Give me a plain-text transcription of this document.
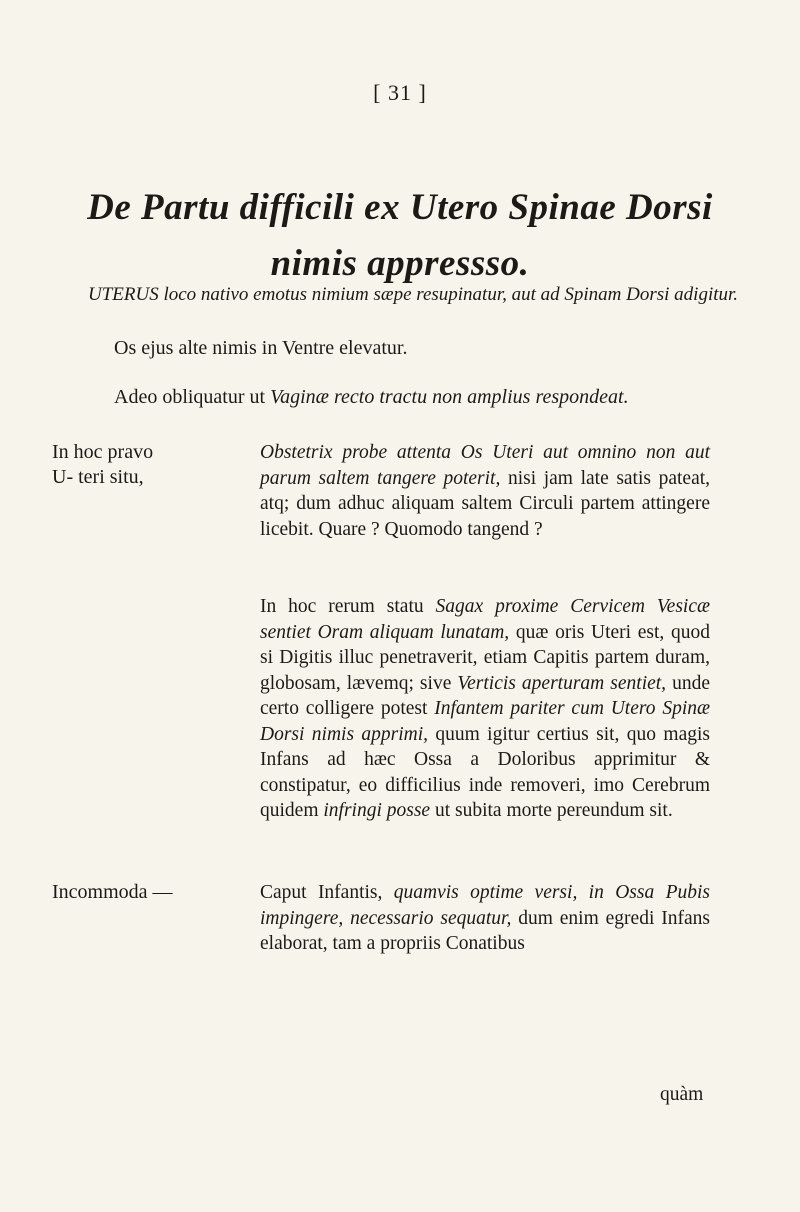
[ 31 ]
De Partu difficili ex Utero Spinae Dorsi
nimis appressso.
UTERUS loco nativo emotus nimium sæpe resupinatur, aut ad Spinam Dorsi adigitur.
Os ejus alte nimis in Ventre elevatur.
Adeo obliquatur ut Vaginæ recto tractu non amplius respondeat.
In hoc pravo U- teri situ,
Obstetrix probe attenta Os Uteri aut omnino non aut parum saltem tangere poterit, nisi jam late satis pateat, atq; dum adhuc aliquam saltem Circuli partem attingere licebit. Quare ? Quomodo tangend ?
In hoc rerum statu Sagax proxime Cervicem Vesicæ sentiet Oram aliquam lunatam, quæ oris Uteri est, quod si Digitis illuc penetraverit, etiam Capitis partem duram, globosam, lævemq; sive Verticis aperturam sentiet, unde certo colligere potest Infantem pariter cum Utero Spinæ Dorsi nimis apprimi, quum igitur certius sit, quo magis Infans ad hæc Ossa a Doloribus apprimitur & constipatur, eo difficilius inde removeri, imo Cerebrum quidem infringi posse ut subita morte pereundum sit.
Incommoda —	Caput Infantis, quamvis optime versi, in Ossa Pubis impingere, necessario sequatur, dum enim egredi Infans elaborat, tam a propriis Conatibus
quàm
